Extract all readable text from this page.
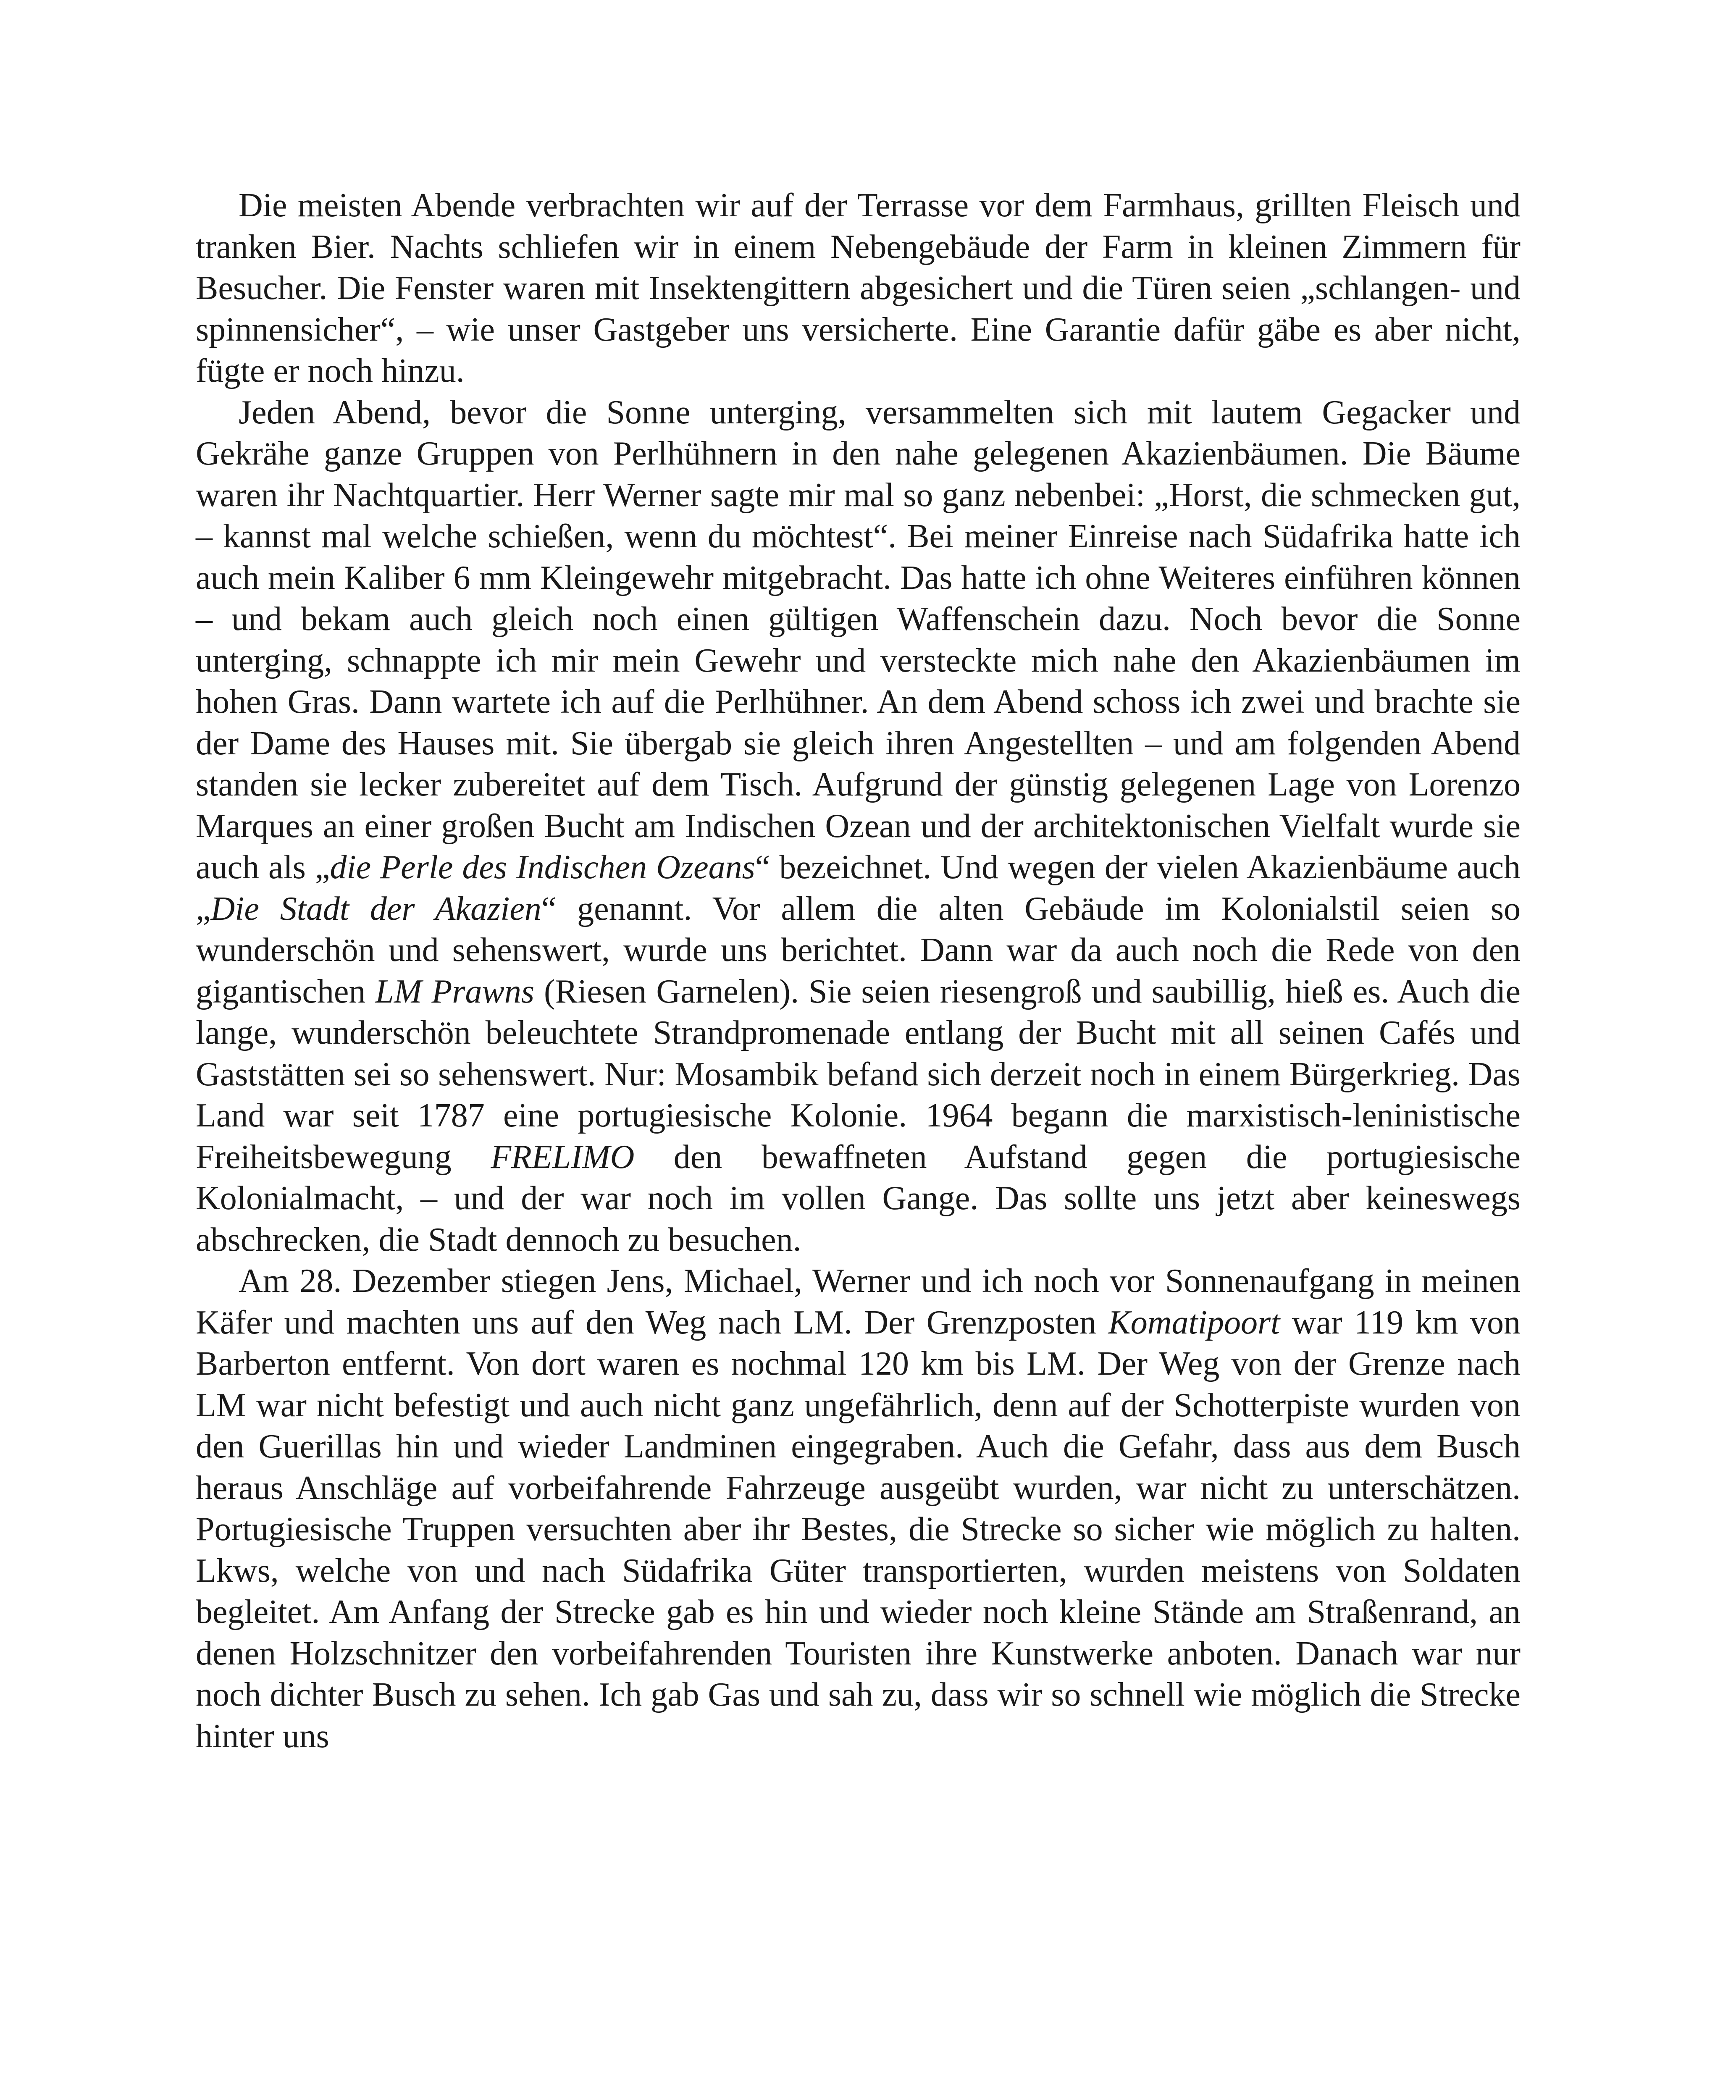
Die meisten Abende verbrachten wir auf der Terrasse vor dem Farmhaus, grillten Fleisch und tranken Bier. Nachts schliefen wir in einem Nebengebäude der Farm in kleinen Zimmern für Besucher. Die Fenster waren mit Insektengittern abgesichert und die Türen seien „schlangen- und spinnensicher“, – wie unser Gastgeber uns versicherte. Eine Garantie dafür gäbe es aber nicht, fügte er noch hinzu.

Jeden Abend, bevor die Sonne unterging, versammelten sich mit lautem Gegacker und Gekrähe ganze Gruppen von Perlhühnern in den nahe gelegenen Akazienbäumen. Die Bäume waren ihr Nachtquartier. Herr Werner sagte mir mal so ganz nebenbei: „Horst, die schmecken gut, – kannst mal welche schießen, wenn du möchtest“. Bei meiner Einreise nach Südafrika hatte ich auch mein Kaliber 6 mm Kleingewehr mitgebracht. Das hatte ich ohne Weiteres einführen können – und bekam auch gleich noch einen gültigen Waffenschein dazu. Noch bevor die Sonne unterging, schnappte ich mir mein Gewehr und versteckte mich nahe den Akazienbäumen im hohen Gras. Dann wartete ich auf die Perlhühner. An dem Abend schoss ich zwei und brachte sie der Dame des Hauses mit. Sie übergab sie gleich ihren Angestellten – und am folgenden Abend standen sie lecker zubereitet auf dem Tisch. Aufgrund der günstig gelegenen Lage von Lorenzo Marques an einer großen Bucht am Indischen Ozean und der architektonischen Vielfalt wurde sie auch als „die Perle des Indischen Ozeans“ bezeichnet. Und wegen der vielen Akazienbäume auch „Die Stadt der Akazien“ genannt. Vor allem die alten Gebäude im Kolonialstil seien so wunderschön und sehenswert, wurde uns berichtet. Dann war da auch noch die Rede von den gigantischen LM Prawns (Riesen Garnelen). Sie seien riesengroß und saubillig, hieß es. Auch die lange, wunderschön beleuchtete Strandpromenade entlang der Bucht mit all seinen Cafés und Gaststätten sei so sehenswert. Nur: Mosambik befand sich derzeit noch in einem Bürgerkrieg. Das Land war seit 1787 eine portugiesische Kolonie. 1964 begann die marxistisch-leninistische Freiheitsbewegung FRELIMO den bewaffneten Aufstand gegen die portugiesische Kolonialmacht, – und der war noch im vollen Gange. Das sollte uns jetzt aber keineswegs abschrecken, die Stadt dennoch zu besuchen.

Am 28. Dezember stiegen Jens, Michael, Werner und ich noch vor Sonnenaufgang in meinen Käfer und machten uns auf den Weg nach LM. Der Grenzposten Komatipoort war 119 km von Barberton entfernt. Von dort waren es nochmal 120 km bis LM. Der Weg von der Grenze nach LM war nicht befestigt und auch nicht ganz ungefährlich, denn auf der Schotterpiste wurden von den Guerillas hin und wieder Landminen eingegraben. Auch die Gefahr, dass aus dem Busch heraus Anschläge auf vorbeifahrende Fahrzeuge ausgeübt wurden, war nicht zu unterschätzen. Portugiesische Truppen versuchten aber ihr Bestes, die Strecke so sicher wie möglich zu halten. Lkws, welche von und nach Südafrika Güter transportierten, wurden meistens von Soldaten begleitet. Am Anfang der Strecke gab es hin und wieder noch kleine Stände am Straßenrand, an denen Holzschnitzer den vorbeifahrenden Touristen ihre Kunstwerke anboten. Danach war nur noch dichter Busch zu sehen. Ich gab Gas und sah zu, dass wir so schnell wie möglich die Strecke hinter uns
